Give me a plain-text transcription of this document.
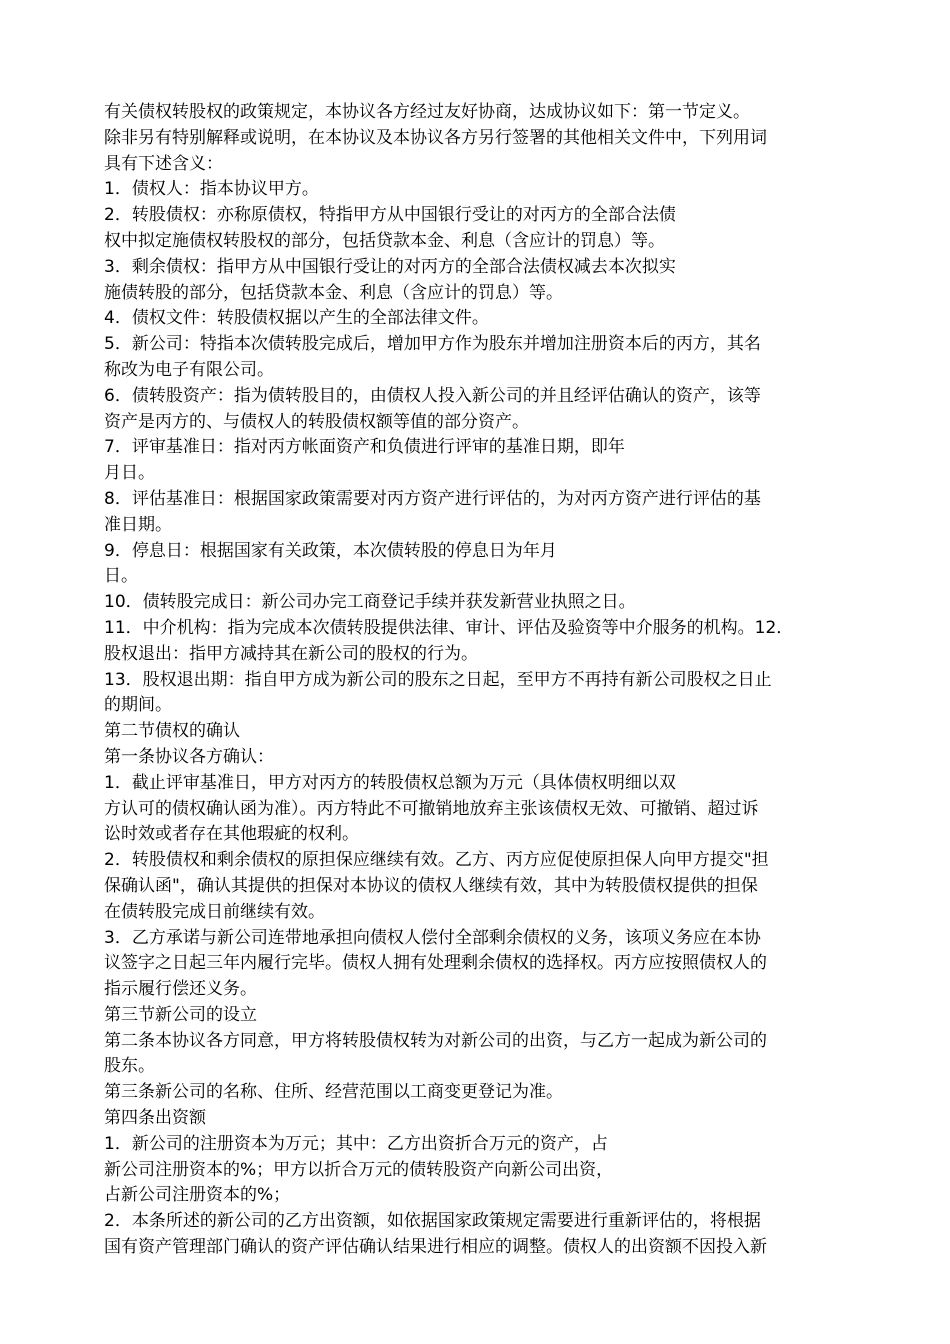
有关债权转股权的政策规定，本协议各方经过友好协商，达成协议如下：第一节定义。
除非另有特别解释或说明，在本协议及本协议各方另行签署的其他相关文件中，下列用词
具有下述含义：
1．债权人：指本协议甲方。
2．转股债权：亦称原债权，特指甲方从中国银行受让的对丙方的全部合法债
权中拟定施债权转股权的部分，包括贷款本金、利息（含应计的罚息）等。
3．剩余债权：指甲方从中国银行受让的对丙方的全部合法债权减去本次拟实
施债转股的部分，包括贷款本金、利息（含应计的罚息）等。
4．债权文件：转股债权据以产生的全部法律文件。
5．新公司：特指本次债转股完成后，增加甲方作为股东并增加注册资本后的丙方，其名
称改为电子有限公司。
6．债转股资产：指为债转股目的，由债权人投入新公司的并且经评估确认的资产，该等
资产是丙方的、与债权人的转股债权额等值的部分资产。
7．评审基准日：指对丙方帐面资产和负债进行评审的基准日期，即年
月日。
8．评估基准日：根据国家政策需要对丙方资产进行评估的，为对丙方资产进行评估的基
准日期。
9．停息日：根据国家有关政策，本次债转股的停息日为年月
日。
10．债转股完成日：新公司办完工商登记手续并获发新营业执照之日。
11．中介机构：指为完成本次债转股提供法律、审计、评估及验资等中介服务的机构。12．
股权退出：指甲方减持其在新公司的股权的行为。
13．股权退出期：指自甲方成为新公司的股东之日起，至甲方不再持有新公司股权之日止
的期间。
第二节债权的确认
第一条协议各方确认：
1．截止评审基准日，甲方对丙方的转股债权总额为万元（具体债权明细以双
方认可的债权确认函为准）。丙方特此不可撤销地放弃主张该债权无效、可撤销、超过诉
讼时效或者存在其他瑕疵的权利。
2．转股债权和剩余债权的原担保应继续有效。乙方、丙方应促使原担保人向甲方提交"担
保确认函"，确认其提供的担保对本协议的债权人继续有效，其中为转股债权提供的担保
在债转股完成日前继续有效。
3．乙方承诺与新公司连带地承担向债权人偿付全部剩余债权的义务，该项义务应在本协
议签字之日起三年内履行完毕。债权人拥有处理剩余债权的选择权。丙方应按照债权人的
指示履行偿还义务。
第三节新公司的设立
第二条本协议各方同意，甲方将转股债权转为对新公司的出资，与乙方一起成为新公司的
股东。
第三条新公司的名称、住所、经营范围以工商变更登记为准。
第四条出资额
1．新公司的注册资本为万元；其中：乙方出资折合万元的资产，占
新公司注册资本的%；甲方以折合万元的债转股资产向新公司出资，
占新公司注册资本的%；
2．本条所述的新公司的乙方出资额，如依据国家政策规定需要进行重新评估的，将根据
国有资产管理部门确认的资产评估确认结果进行相应的调整。债权人的出资额不因投入新
